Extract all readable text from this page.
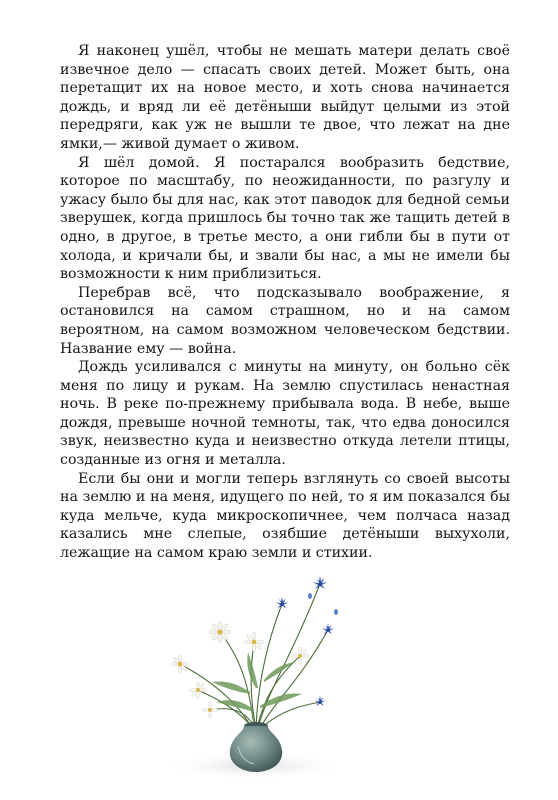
Я наконец ушёл, чтобы не мешать матери делать своё извечное дело — спасать своих детей. Может быть, она перетащит их на новое место, и хоть снова начинается дождь, и вряд ли её детёныши выйдут целыми из этой передряги, как уж не вышли те двое, что лежат на дне ямки,— живой думает о живом.

Я шёл домой. Я постарался вообразить бедствие, которое по масштабу, по неожиданности, по разгулу и ужасу было бы для нас, как этот паводок для бедной семьи зверушек, когда пришлось бы точно так же тащить детей в одно, в другое, в третье место, а они гибли бы в пути от холода, и кричали бы, и звали бы нас, а мы не имели бы возможности к ним приблизиться.

Перебрав всё, что подсказывало воображение, я остановился на самом страшном, но и на самом вероятном, на самом возможном человеческом бедствии. Название ему — война.

Дождь усиливался с минуты на минуту, он больно сёк меня по лицу и рукам. На землю спустилась ненастная ночь. В реке по-прежнему прибывала вода. В небе, выше дождя, превыше ночной темноты, так, что едва доносился звук, неизвестно куда и неизвестно откуда летели птицы, созданные из огня и металла.

Если бы они и могли теперь взглянуть со своей высоты на землю и на меня, идущего по ней, то я им показался бы куда мельче, куда микроскопичнее, чем полчаса назад казались мне слепые, озябшие детёныши выхухоли, лежащие на самом краю земли и стихии.
